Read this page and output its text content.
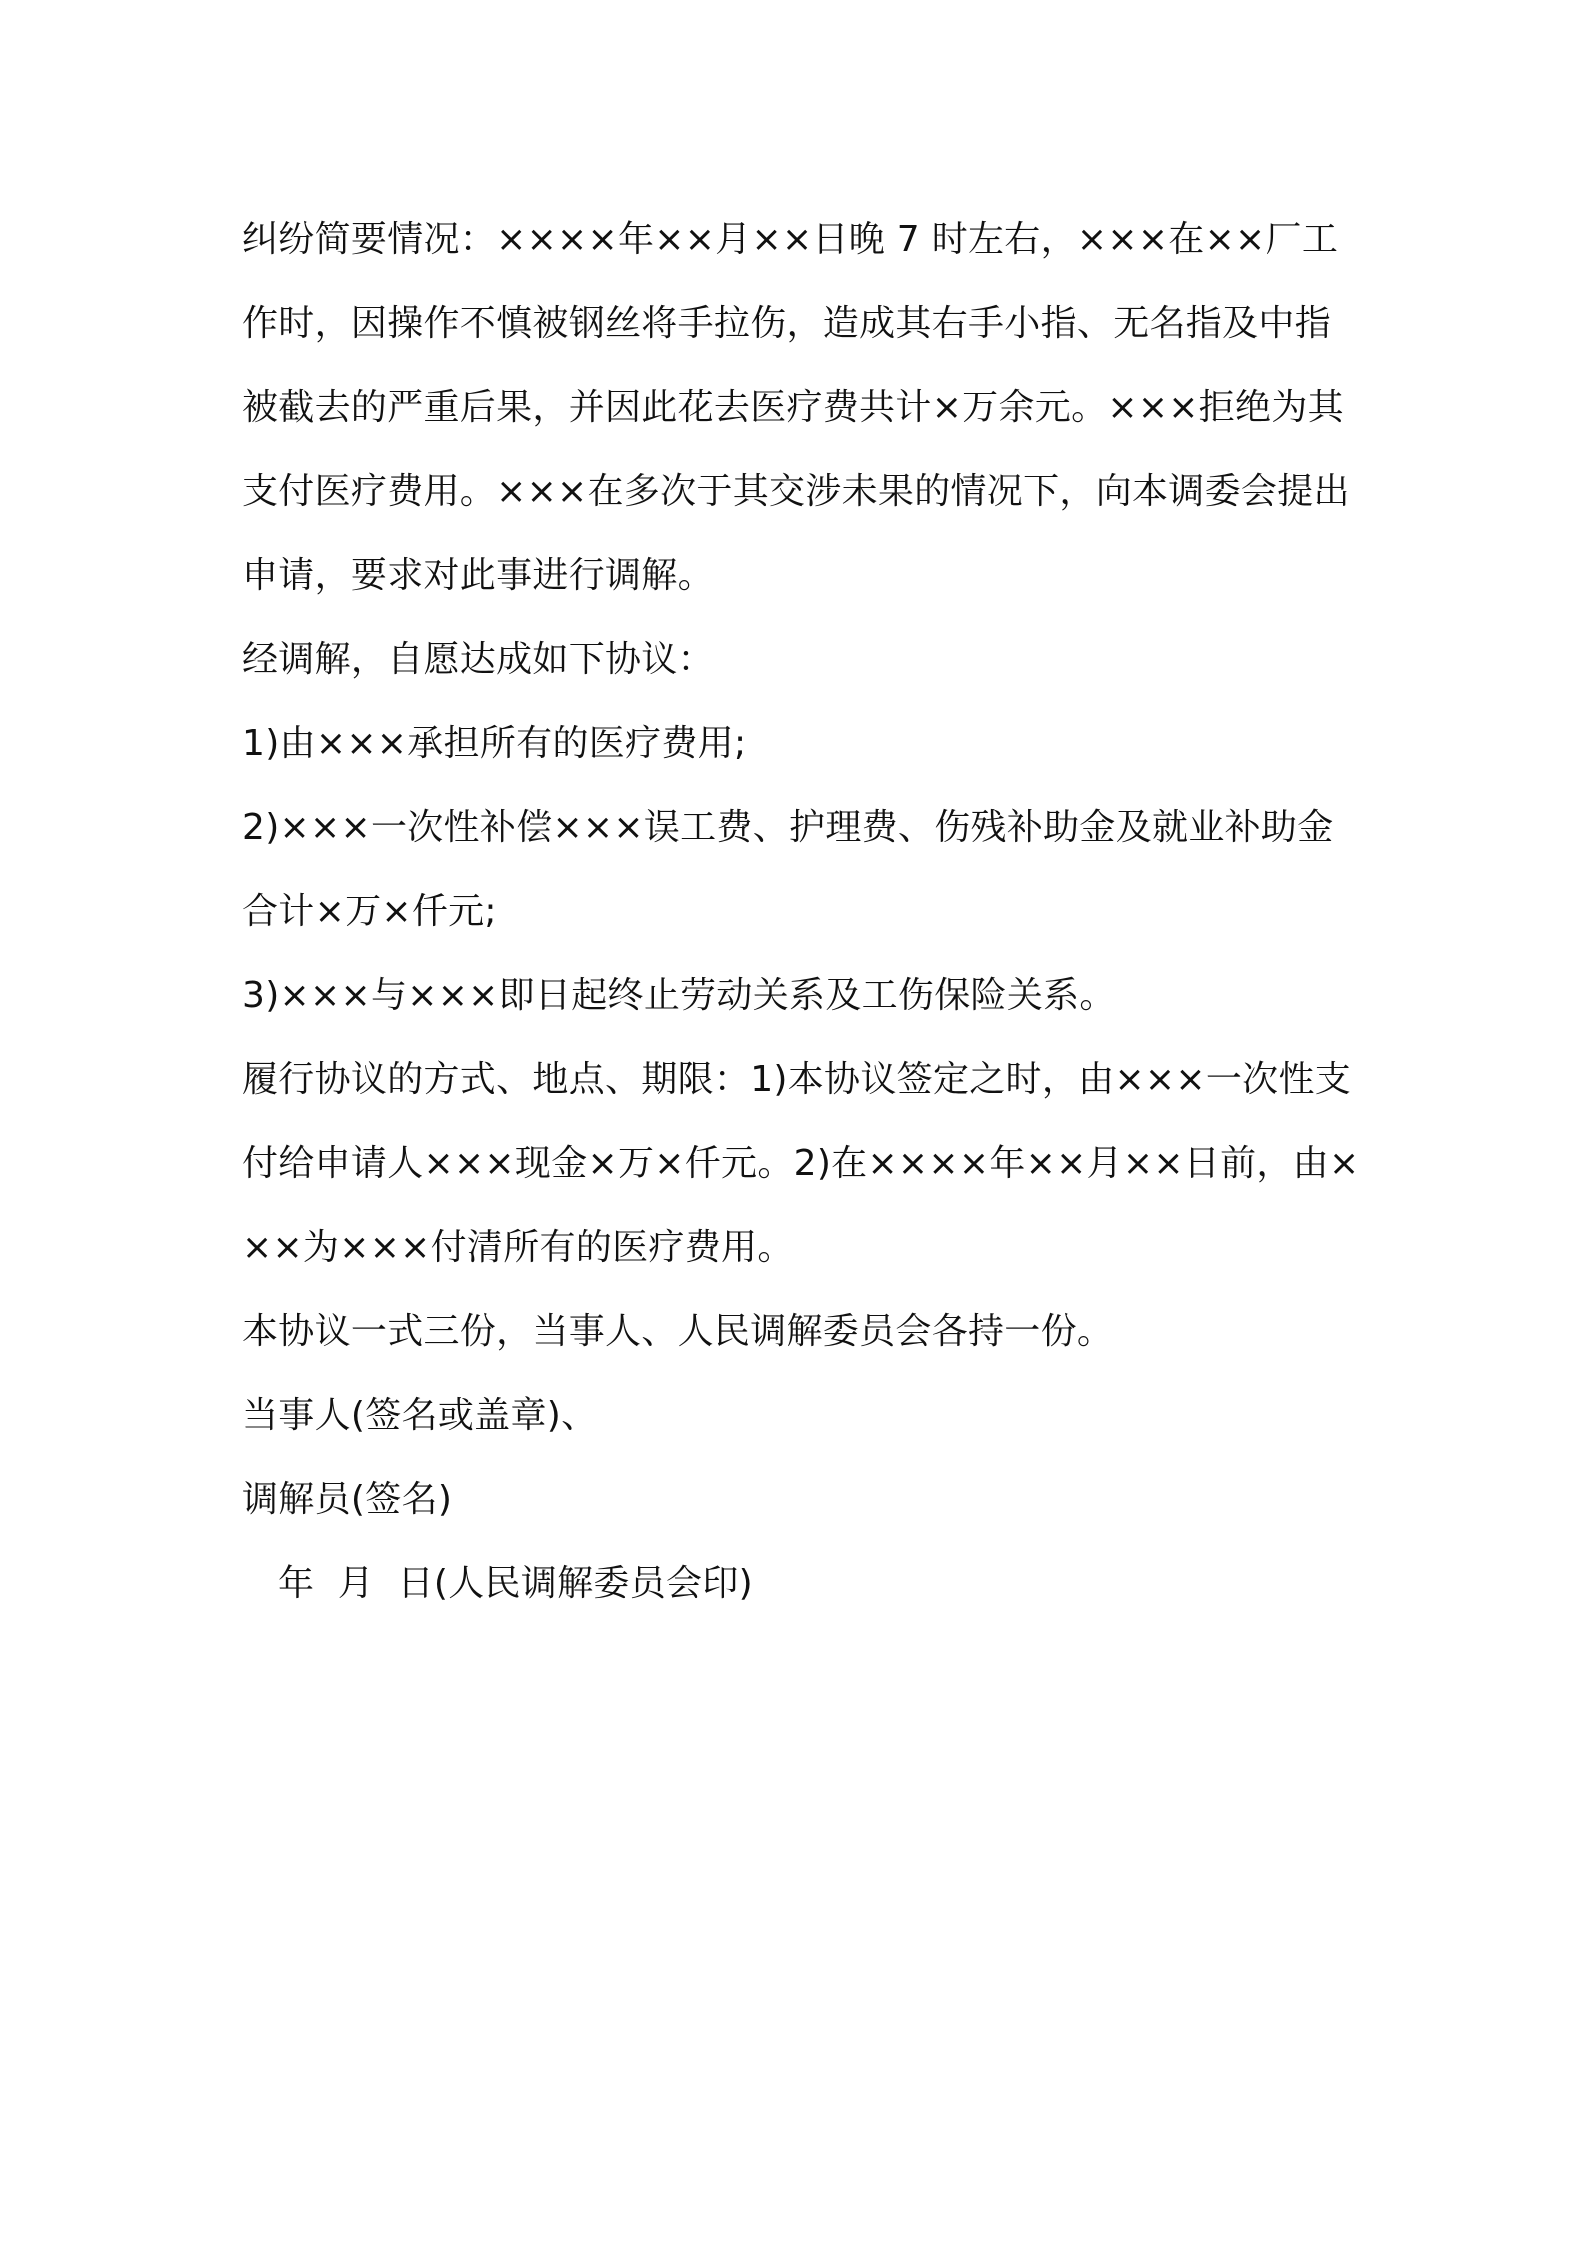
纠纷简要情况：××××年××月××日晚 7 时左右，×××在××厂工作时，因操作不慎被钢丝将手拉伤，造成其右手小指、无名指及中指被截去的严重后果，并因此花去医疗费共计×万余元。×××拒绝为其支付医疗费用。×××在多次于其交涉未果的情况下，向本调委会提出申请，要求对此事进行调解。

经调解，自愿达成如下协议：

1)由×××承担所有的医疗费用;

2)×××一次性补偿×××误工费、护理费、伤残补助金及就业补助金合计×万×仟元;

3)×××与×××即日起终止劳动关系及工伤保险关系。

履行协议的方式、地点、期限：1)本协议签定之时，由×××一次性支付给申请人×××现金×万×仟元。2)在××××年××月××日前，由×××为×××付清所有的医疗费用。

本协议一式三份，当事人、人民调解委员会各持一份。

当事人(签名或盖章)、

调解员(签名)

年  月  日(人民调解委员会印)
